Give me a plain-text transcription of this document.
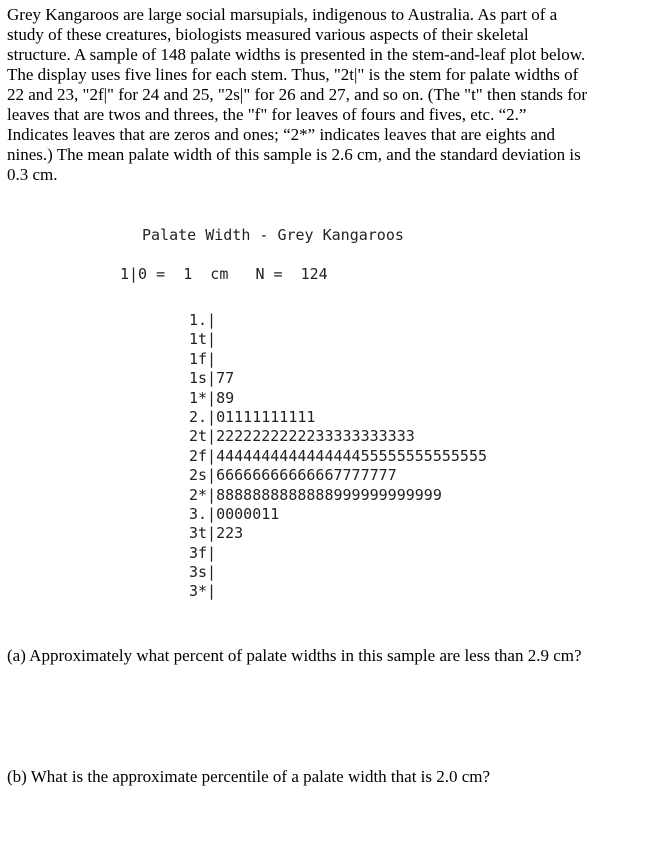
Grey Kangaroos are large social marsupials, indigenous to Australia. As part of a
study of these creatures, biologists measured various aspects of their skeletal
structure. A sample of 148 palate widths is presented in the stem-and-leaf plot below.
The display uses five lines for each stem. Thus, "2t|" is the stem for palate widths of
22 and 23, "2f|" for 24 and 25, "2s|" for 26 and 27, and so on. (The "t" then stands for
leaves that are twos and threes, the "f" for leaves of fours and fives, etc. “2.”
Indicates leaves that are zeros and ones; “2*” indicates leaves that are eights and
nines.) The mean palate width of this sample is 2.6 cm, and the standard deviation is
0.3 cm.
Palate Width - Grey Kangaroos
1|0 =  1  cm   N =  124
1.|
1t|
1f|
1s|77
1*|89
2.|01111111111
2t|2222222222233333333333
2f|444444444444444455555555555555
2s|66666666666667777777
2*|8888888888888999999999999
3.|0000011
3t|223
3f|
3s|
3*|

(a) Approximately what percent of palate widths in this sample are less than 2.9 cm?

(b) What is the approximate percentile of a palate width that is 2.0 cm?
